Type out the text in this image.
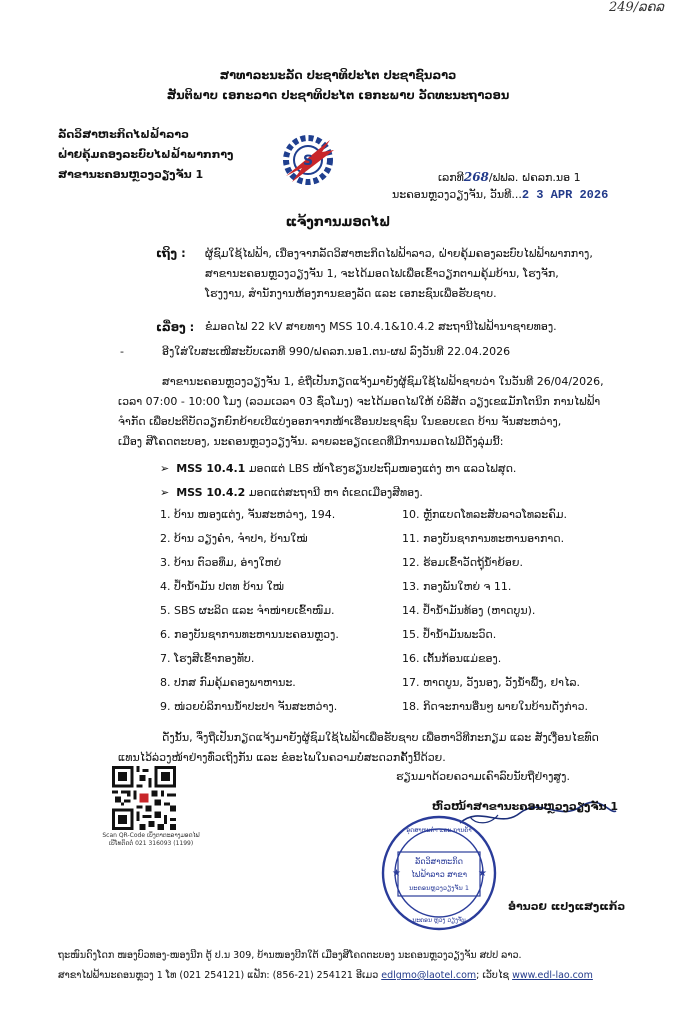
249/ລຄລ
ສາທາລະນະລັດ ປະຊາທິປະໄຕ ປະຊາຊົນລາວ
ສັນຕິພາບ ເອກະລາດ ປະຊາທິປະໄຕ ເອກະພາບ ວັດທະນະຖາວອນ
ລັດວິສາຫະກິດໄຟຟ້າລາວ
ຝ່າຍຄຸ້ມຄອງລະບົບໄຟຟ້າພາກກາງ
ສາຂານະຄອນຫຼວງວຽງຈັນ 1
S
ເລກທີ268/ຟຟລ. ຝຄລກ.ນອ 1
ນະຄອນຫຼວງວຽງຈັນ, ວັນທີ...2 3 APR 2026
ແຈ້ງການມອດໄຟ
ເຖິງ : ຜູ້ຊົມໃຊ້ໄຟຟ້າ, ເນື່ອງຈາກລັດວິສາຫະກິດໄຟຟ້າລາວ, ຝ່າຍຄຸ້ມຄອງລະບົບໄຟຟ້າພາກກາງ,
ສາຂານະຄອນຫຼວງວຽງຈັນ 1, ຈະໄດ້ມອດໄຟເພື່ອເຂົ້າວຽກຕາມຄຸ້ມບ້ານ, ໂຮງຈັກ,
ໂຮງງານ, ສໍານັກງານຫ້ອງການຂອງລັດ ແລະ ເອກະຊົນເພື່ອຮັບຊາບ.
ເລື່ອງ : ຂໍມອດໄຟ 22 kV ສາຍທາງ MSS 10.4.1&10.4.2 ສະຖານີໄຟຟ້ານາຊາຍທອງ.
-	ອີງໃສ່ໃບສະເໜີສະບັບເລກທີ 990/ຝຄລກ.ນອ1.ຕນ-ຜຟ ລົງວັນທີ 22.04.2026
ສາຂານະຄອນຫຼວງວຽງຈັນ 1, ຂໍຖືເປັນກຽດແຈ້ງມາຍັງຜູ້ຊົມໃຊ້ໄຟຟ້າຊາບວ່າ ໃນວັນທີ 26/04/2026,
ເວລາ 07:00 - 10:00 ໂມງ (ລວມເວລາ 03 ຊົ່ວໂມງ) ຈະໄດ້ມອດໄຟໃຫ້ ບໍລິສັດ ວຽງເຂແມັກໂຕນິກ ການໄຟຟ້າ
ຈໍາກັດ ເພື່ອປະຕິບັດວຽກຍົກຍ້າຍເບີແບ່ງອອກຈາກໜ້າເຮືອນປະຊາຊົນ ໃນຂອບເຂດ ບ້ານ ຈັນສະຫວ່າງ,
ເມືອງ ສີໂຄດຕະບອງ, ນະຄອນຫຼວງວຽງຈັນ. ລາຍລະອຽດເຂດທີ່ມີການມອດໄຟມີດັ່ງລຸ່ມນີ້:
➢ MSS 10.4.1 ມອດແຕ່ LBS ໜ້າໂຮງຮຽນປະຖົມໜອງແຕ່ງ ຫາ ແລວໄຟສຸດ.
➢ MSS 10.4.2 ມອດແຕ່ສະຖານີ ຫາ ຕໍ່ເຂດເມືອງສີທອງ.
1. ບ້ານ ໜອງແຕ່ງ, ຈັນສະຫວ່າງ, 194.
2. ບ້ານ ວຽງຄໍາ, ຈໍາປາ, ບ້ານໃໝ່
3. ບ້ານ ຕົວອທຶມ, ອ່າງໃຫຍ່
4. ປໍ້ານໍ້າມັນ ປຕທ ບ້ານ ໃໝ່
5. SBS ຜະລິດ ແລະ ຈໍາໜ່າຍເຂົ້າໜົມ.
6. ກອງບັນຊາການທະຫານນະຄອນຫຼວງ.
7. ໂຮງສີເຂົ້າກອງທັບ.
8. ປກສ ກົມຄຸ້ມຄອງພາຫານະ.
9. ໜ່ວຍບໍລິການນໍ້າປະປາ ຈັນສະຫວ່າງ.
10. ຫຼັກແບດໂທລະສັບລາວໂທລະຄົມ.
11. ກອງບັນຊາການທະຫານອາກາດ.
12. ຮ້ອມເຂົ້າວັດຖຸ້ນໍ້າຍ້ອຍ.
13. ກອງພັນໃຫຍ່ ຈ 11.
14. ປໍ້ານໍ້າມັນທ້ອງ (ຫາດບູນ).
15. ປໍ້ານໍ້າມັນພະວົດ.
16. ເຕັ້ນກ້ອນແມ່ຂອງ.
17. ຫາດບູນ, ວັງນອງ, ວັງນໍ້າພື້ງ, ຢາໄລ.
18. ກິດຈະການອື່ນໆ ພາຍໃນບ້ານດັ່ງກ່າວ.
ດັ່ງນັ້ນ, ຈຶ່ງຖືເປັນກຽດແຈ້ງມາຍັງຜູ້ຊົມໃຊ້ໄຟຟ້າເພື່ອຮັບຊາບ ເພື່ອຫາວິທີກະກຽມ ແລະ ສັງເງື່ອນໄຂທົດ
ແທນໄວ້ລ່ວງໜ້າຢ່າງທົ່ວເຖິງກັນ ແລະ ຂໍອະໄພໃນຄວາມບໍ່ສະດວກຄັ້ງນີ້ດ້ວຍ.
ຮຽນມາດ້ວຍຄວາມເຄົາລົບນັບຖືຢ່າງສູງ.
Scan QR-Code ເບິ່ງຕາຕະລາງມອດໄຟ
ເບີໂທຕິດຕໍ່ 021 316093 (1199)
ຫົວໜ້າສາຂານະຄອນຫຼວງວຽງຈັນ 1
ອຸດສາຫະກໍາ ແລະ ການຄ້າ
ລັດວິສາຫະກິດ
ໄຟຟ້າລາວ ສາຂາ
ນະຄອນຫຼວງວຽງຈັນ 1
ນະຄອນ ຫຼວງ ວຽງຈັນ
★	★
ອໍານວຍ ແປງແສງແກ້ວ
ຖະໜົນດົງໂດກ ໜອງບົວທອງ-ໜອງນີກ ຕູ້ ປ.ນ 309, ບ້ານໜອງບີກໃຕ້ ເມືອງສີໂຄດຕະບອງ ນະຄອນຫຼວງວຽງຈັນ ສປປ ລາວ.
ສາຂາໄຟຟ້ານະຄອນຫຼວງ 1 ໂທ (021 254121) ແຟັກ: (856-21) 254121 ອີເມວ edlgmo@laotel.com; ເວັບໄຊ www.edl-lao.com
